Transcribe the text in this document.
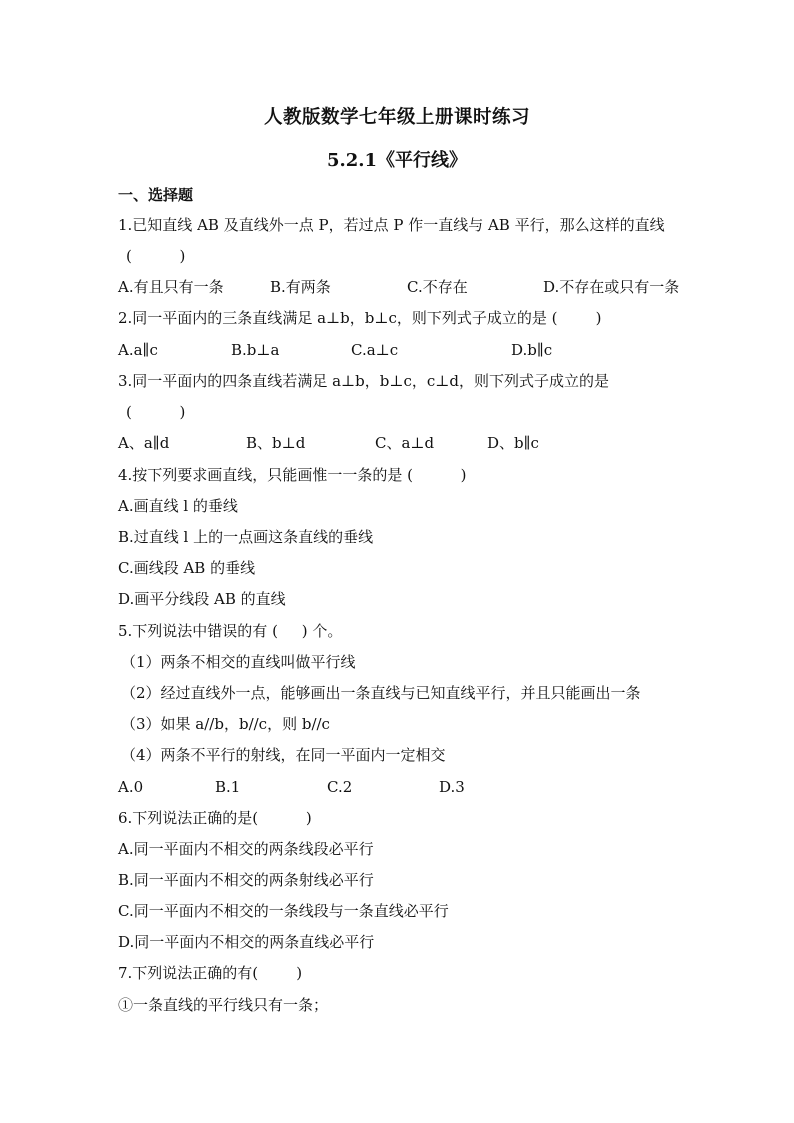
人教版数学七年级上册课时练习
5.2.1《平行线》

一、选择题

1.已知直线 AB 及直线外一点 P，若过点 P 作一直线与 AB 平行，那么这样的直线

(          )

A.有且只有一条	B.有两条	C.不存在	D.不存在或只有一条

2.同一平面内的三条直线满足 a⊥b，b⊥c，则下列式子成立的是 (        )

A.a∥c	B.b⊥a	C.a⊥c	D.b∥c

3.同一平面内的四条直线若满足 a⊥b，b⊥c，c⊥d，则下列式子成立的是

(          )

A、a∥d	B、b⊥d	C、a⊥d	D、b∥c

4.按下列要求画直线，只能画惟一一条的是 (          )

A.画直线 l 的垂线

B.过直线 l 上的一点画这条直线的垂线

C.画线段 AB 的垂线

D.画平分线段 AB 的直线

5.下列说法中错误的有 (     ) 个。

（1）两条不相交的直线叫做平行线

（2）经过直线外一点，能够画出一条直线与已知直线平行，并且只能画出一条

（3）如果 a//b，b//c，则 b//c

（4）两条不平行的射线，在同一平面内一定相交

A.0	B.1	C.2	D.3

6.下列说法正确的是(          )

A.同一平面内不相交的两条线段必平行

B.同一平面内不相交的两条射线必平行

C.同一平面内不相交的一条线段与一条直线必平行

D.同一平面内不相交的两条直线必平行

7.下列说法正确的有(        )

①一条直线的平行线只有一条；
